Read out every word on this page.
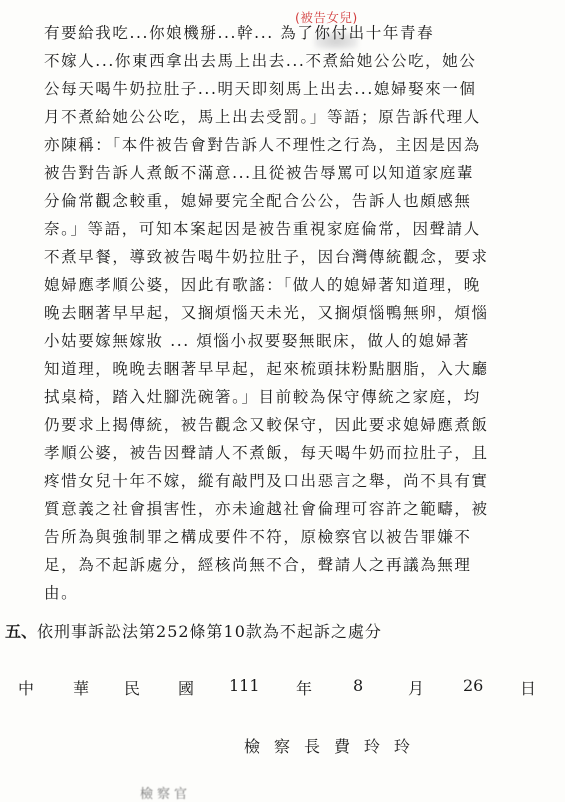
(被告女兒)
有要給我吃...你娘機掰...幹... 為了你付出十年青春
不嫁人...你東西拿出去馬上出去...不煮給她公公吃，她公
公每天喝牛奶拉肚子...明天即刻馬上出去...媳婦娶來一個
月不煮給她公公吃，馬上出去受罰。」等語；原告訴代理人
亦陳稱：「本件被告會對告訴人不理性之行為，主因是因為
被告對告訴人煮飯不滿意...且從被告辱罵可以知道家庭輩
分倫常觀念較重，媳婦要完全配合公公，告訴人也頗感無
奈。」等語，可知本案起因是被告重視家庭倫常，因聲請人
不煮早餐，導致被告喝牛奶拉肚子，因台灣傳統觀念，要求
媳婦應孝順公婆，因此有歌謠：「做人的媳婦著知道理，晚
晚去睏著早早起，又搁煩惱天未光，又搁煩惱鴨無卵，煩惱
小姑要嫁無嫁妝 ... 煩惱小叔要娶無眠床，做人的媳婦著
知道理，晚晚去睏著早早起，起來梳頭抹粉點胭脂，入大廳
拭桌椅，踏入灶腳洗碗箸。」目前較為保守傳統之家庭，均
仍要求上揭傳統，被告觀念又較保守，因此要求媳婦應煮飯
孝順公婆，被告因聲請人不煮飯，每天喝牛奶而拉肚子，且
疼惜女兒十年不嫁，縱有敲門及口出惡言之舉，尚不具有實
質意義之社會損害性，亦未逾越社會倫理可容許之範疇，被
告所為與強制罪之構成要件不符，原檢察官以被告罪嫌不
足，為不起訴處分，經核尚無不合，聲請人之再議為無理
由。
五、依刑事訴訟法第252條第10款為不起訴之處分
中 華 民 國 111 年	8	月 26 日
檢察長費玲玲
檢察官
